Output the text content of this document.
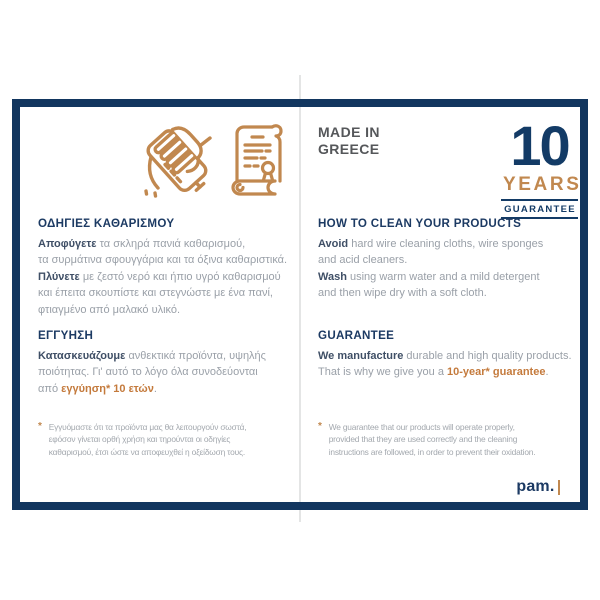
MADE IN
GREECE 10
YEARS
GUARANTEE
ΟΔΗΓΙΕΣ ΚΑΘΑΡΙΣΜΟΥ
Αποφύγετε τα σκληρά πανιά καθαρισμού,
τα συρμάτινα σφουγγάρια και τα όξινα καθαριστικά.
Πλύνετε με ζεστό νερό και ήπιο υγρό καθαρισμού
και έπειτα σκουπίστε και στεγνώστε με ένα πανί,
φτιαγμένο από μαλακό υλικό.
ΕΓΓΥΗΣΗ
Κατασκευάζουμε ανθεκτικά προϊόντα, υψηλής
ποιότητας. Γι' αυτό το λόγο όλα συνοδεύονται
από εγγύηση* 10 ετών.
* Εγγυόμαστε ότι τα προϊόντα μας θα λειτουργούν σωστά,
εφόσον γίνεται ορθή χρήση και τηρούνται οι οδηγίες
καθαρισμού, έτσι ώστε να αποφευχθεί η οξείδωση τους.
HOW TO CLEAN YOUR PRODUCTS
Avoid hard wire cleaning cloths, wire sponges
and acid cleaners.
Wash using warm water and a mild detergent
and then wipe dry with a soft cloth.
GUARANTEE
We manufacture durable and high quality products.
That is why we give you a 10-year* guarantee.
* We guarantee that our products will operate properly,
provided that they are used correctly and the cleaning
instructions are followed, in order to prevent their oxidation.
pam.
